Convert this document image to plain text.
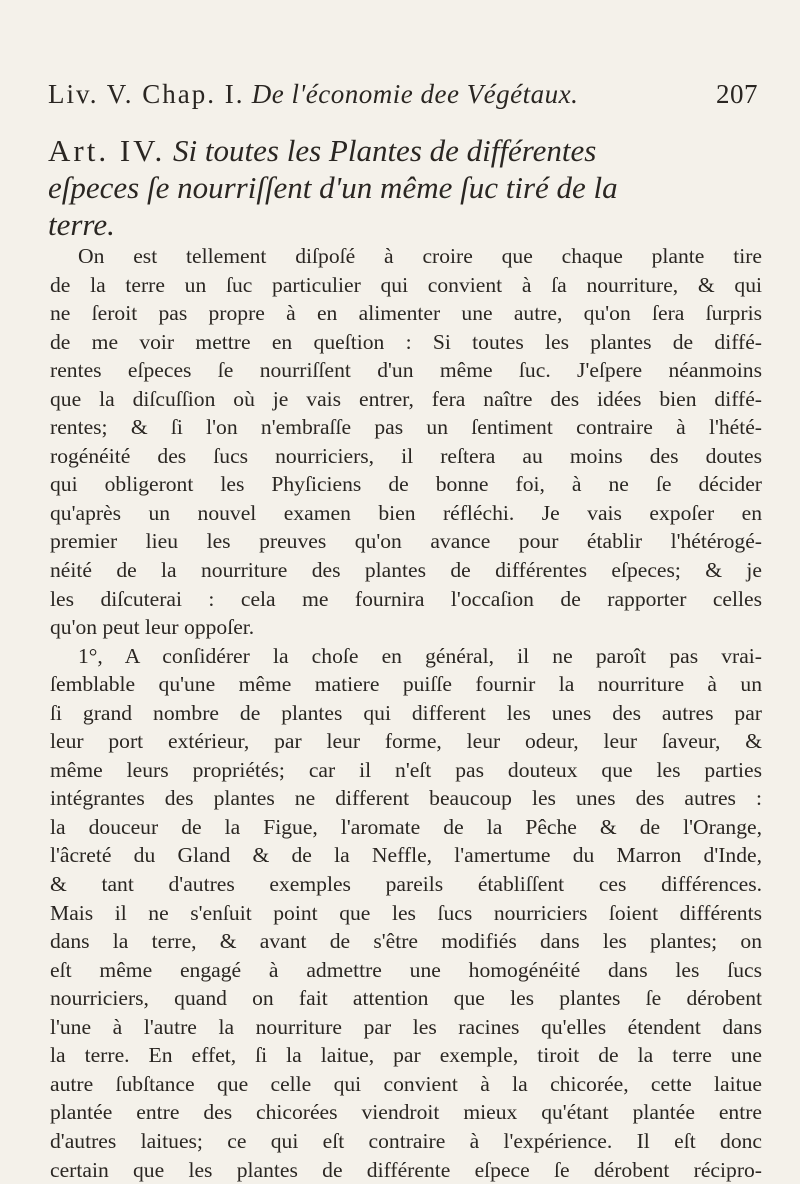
Liv. V. Chap. I. De l'économie dee Végétaux.	207
Art. IV. Si toutes les Plantes de différentes
eſpeces ſe nourriſſent d'un même ſuc tiré de la
terre.
On est tellement diſpoſé à croire que chaque plante tire
de la terre un ſuc particulier qui convient à ſa nourriture, & qui
ne ſeroit pas propre à en alimenter une autre, qu'on ſera ſurpris
de me voir mettre en queſtion : Si toutes les plantes de diffé-
rentes eſpeces ſe nourriſſent d'un même ſuc. J'eſpere néanmoins
que la diſcuſſion où je vais entrer, fera naître des idées bien diffé-
rentes; & ſi l'on n'embraſſe pas un ſentiment contraire à l'hété-
rogénéité des ſucs nourriciers, il reſtera au moins des doutes
qui obligeront les Phyſiciens de bonne foi, à ne ſe décider
qu'après un nouvel examen bien réfléchi. Je vais expoſer en
premier lieu les preuves qu'on avance pour établir l'hétérogé-
néité de la nourriture des plantes de différentes eſpeces; & je
les diſcuterai : cela me fournira l'occaſion de rapporter celles
qu'on peut leur oppoſer.
1°, A conſidérer la choſe en général, il ne paroît pas vrai-
ſemblable qu'une même matiere puiſſe fournir la nourriture à un
ſi grand nombre de plantes qui different les unes des autres par
leur port extérieur, par leur forme, leur odeur, leur ſaveur, &
même leurs propriétés; car il n'eſt pas douteux que les parties
intégrantes des plantes ne different beaucoup les unes des autres :
la douceur de la Figue, l'aromate de la Pêche & de l'Orange,
l'âcreté du Gland & de la Neffle, l'amertume du Marron d'Inde,
& tant d'autres exemples pareils établiſſent ces différences.
Mais il ne s'enſuit point que les ſucs nourriciers ſoient différents
dans la terre, & avant de s'être modifiés dans les plantes; on
eſt même engagé à admettre une homogénéité dans les ſucs
nourriciers, quand on fait attention que les plantes ſe dérobent
l'une à l'autre la nourriture par les racines qu'elles étendent dans
la terre. En effet, ſi la laitue, par exemple, tiroit de la terre une
autre ſubſtance que celle qui convient à la chicorée, cette laitue
plantée entre des chicorées viendroit mieux qu'étant plantée entre
d'autres laitues; ce qui eſt contraire à l'expérience. Il eſt donc
certain que les plantes de différente eſpece ſe dérobent récipro-
